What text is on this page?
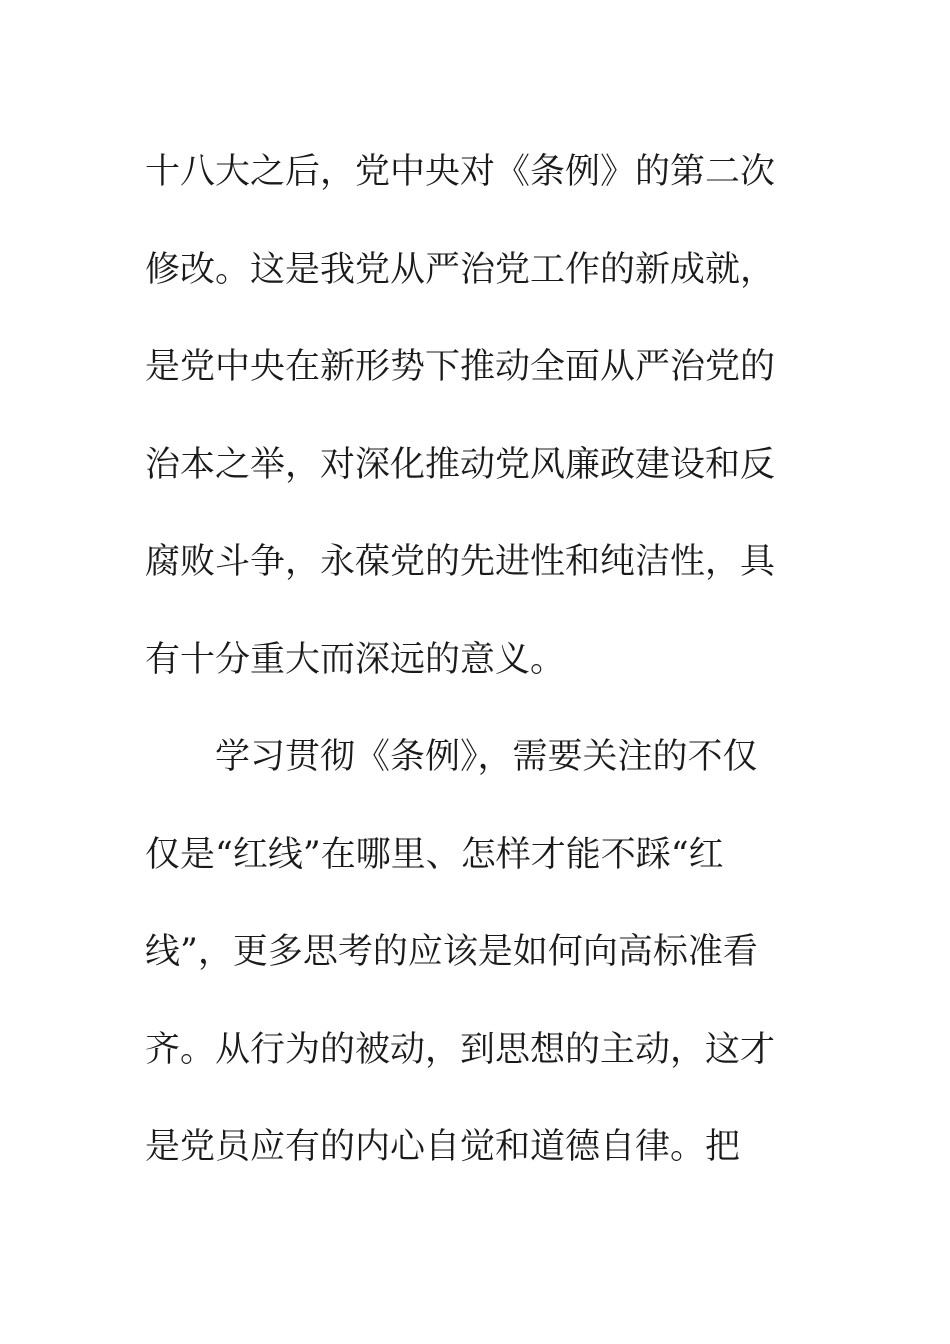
十八大之后，党中央对《条例》的第二次
修改。这是我党从严治党工作的新成就，
是党中央在新形势下推动全面从严治党的
治本之举，对深化推动党风廉政建设和反
腐败斗争，永葆党的先进性和纯洁性，具
有十分重大而深远的意义。
学习贯彻《条例》，需要关注的不仅
仅是“红线”在哪里、怎样才能不踩“红
线”，更多思考的应该是如何向高标准看
齐。从行为的被动，到思想的主动，这才
是党员应有的内心自觉和道德自律。把
